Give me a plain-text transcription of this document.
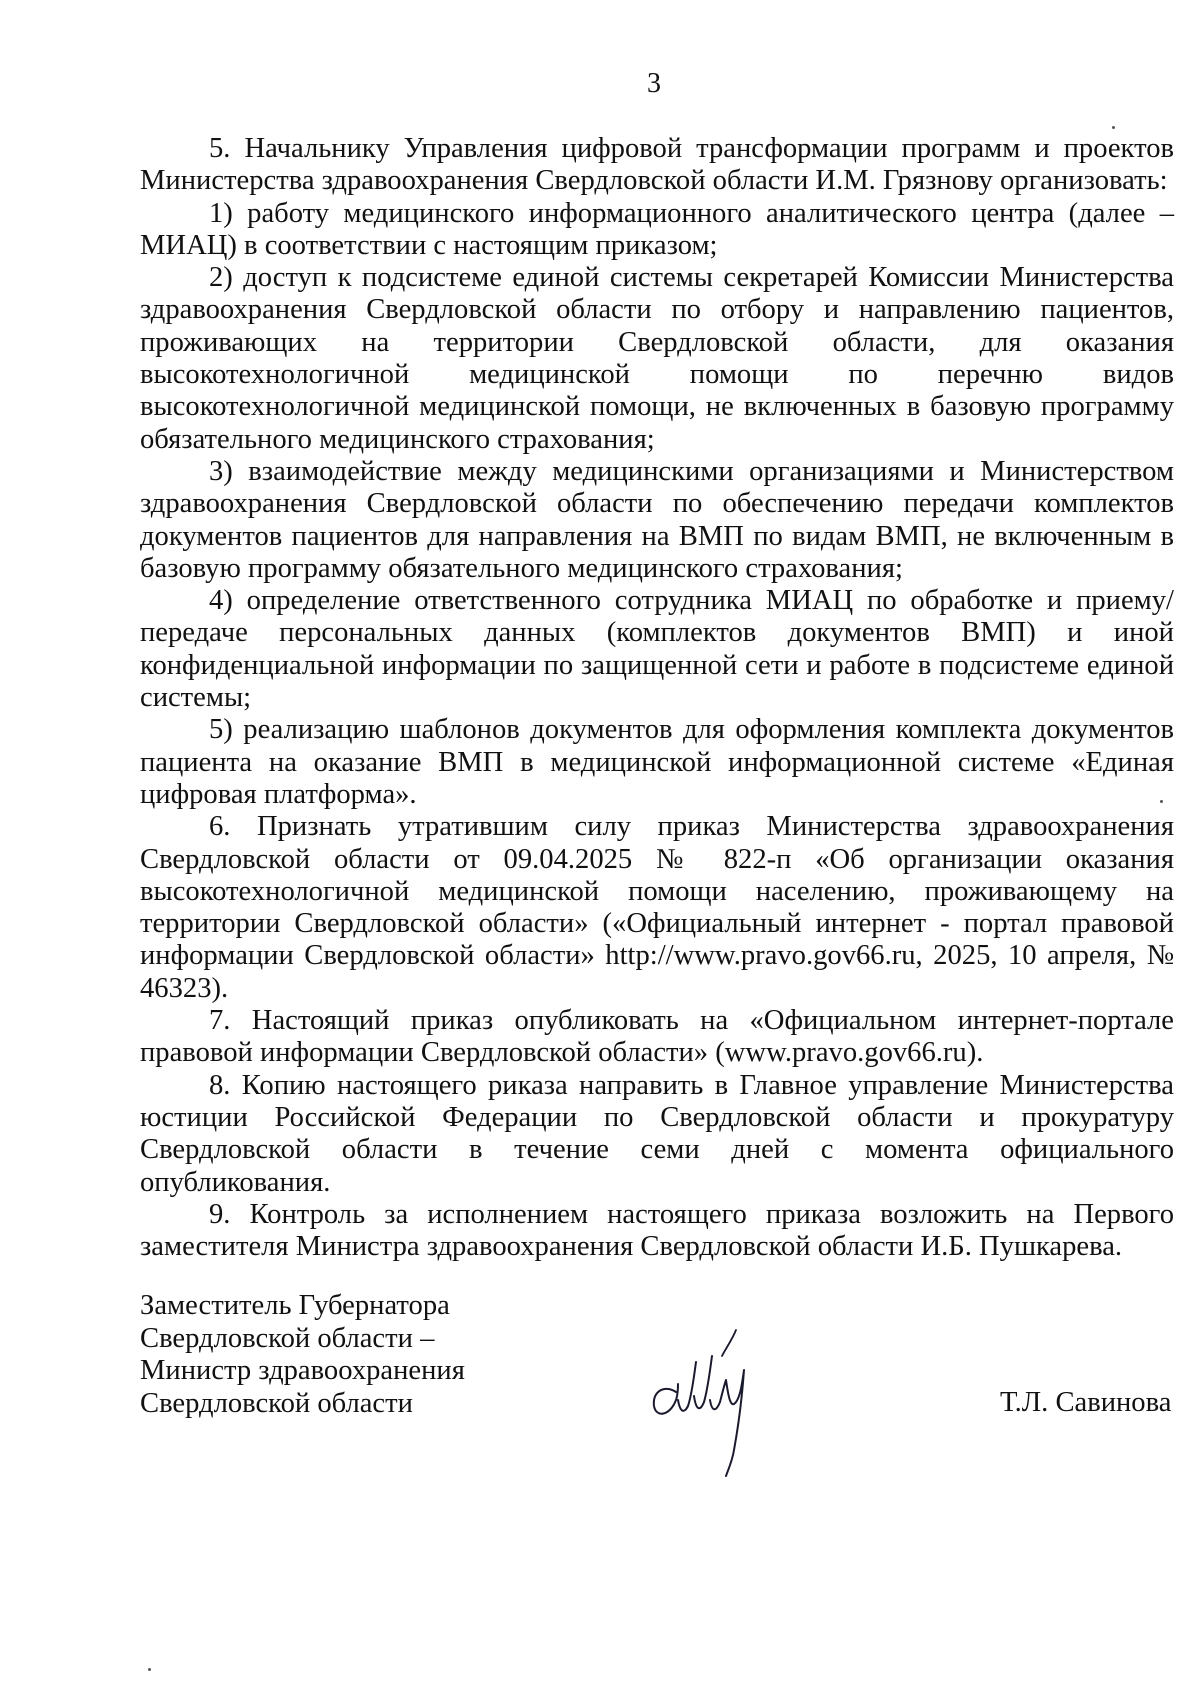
3

5. Начальнику Управления цифровой трансформации программ и проектов Министерства здравоохранения Свердловской области И.М. Грязнову организовать:

1) работу медицинского информационного аналитического центра (далее – МИАЦ) в соответствии с настоящим приказом;

2) доступ к подсистеме единой системы секретарей Комиссии Министерства здравоохранения Свердловской области по отбору и направлению пациентов, проживающих на территории Свердловской области, для оказания высокотехнологичной медицинской помощи по перечню видов высокотехнологичной медицинской помощи, не включенных в базовую программу обязательного медицинского страхования;

3) взаимодействие между медицинскими организациями и Министерством здравоохранения Свердловской области по обеспечению передачи комплектов документов пациентов для направления на ВМП по видам ВМП, не включенным в базовую программу обязательного медицинского страхования;

4) определение ответственного сотрудника МИАЦ по обработке и приему/передаче персональных данных (комплектов документов ВМП) и иной конфиденциальной информации по защищенной сети и работе в подсистеме единой системы;

5) реализацию шаблонов документов для оформления комплекта документов пациента на оказание ВМП в медицинской информационной системе «Единая цифровая платформа».

6. Признать утратившим силу приказ Министерства здравоохранения Свердловской области от 09.04.2025 № 822-п «Об организации оказания высокотехнологичной медицинской помощи населению, проживающему на территории Свердловской области» («Официальный интернет - портал правовой информации Свердловской области» http://www.pravo.gov66.ru, 2025, 10 апреля, № 46323).

7. Настоящий приказ опубликовать на «Официальном интернет-портале правовой информации Свердловской области» (www.pravo.gov66.ru).

8. Копию настоящего риказа направить в Главное управление Министерства юстиции Российской Федерации по Свердловской области и прокуратуру Свердловской области в течение семи дней с момента официального опубликования.

9. Контроль за исполнением настоящего приказа возложить на Первого заместителя Министра здравоохранения Свердловской области И.Б. Пушкарева.

Заместитель Губернатора
Свердловской области –
Министр здравоохранения
Свердловской области	Т.Л. Савинова
